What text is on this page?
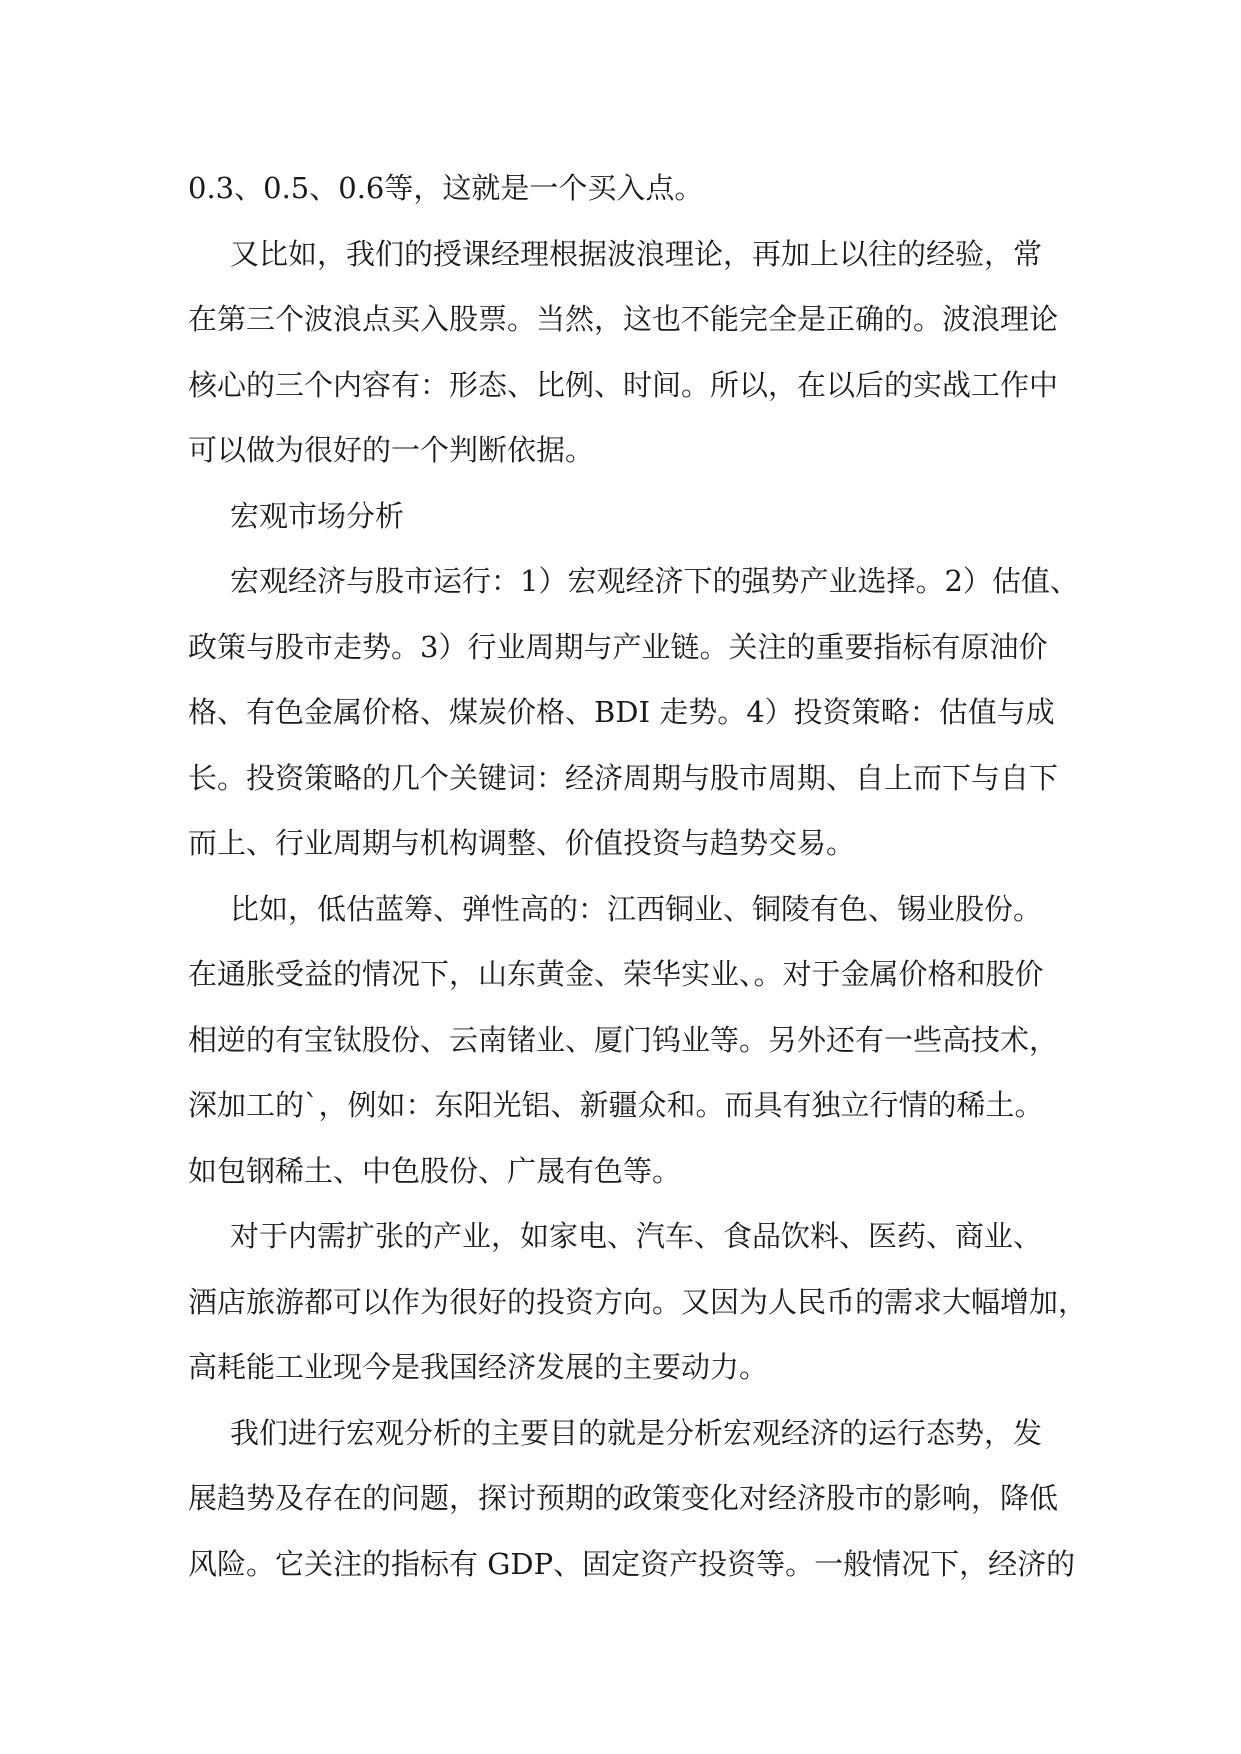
0.3、0.5、0.6等，这就是一个买入点。
又比如，我们的授课经理根据波浪理论，再加上以往的经验，常
在第三个波浪点买入股票。当然，这也不能完全是正确的。波浪理论
核心的三个内容有：形态、比例、时间。所以，在以后的实战工作中
可以做为很好的一个判断依据。
宏观市场分析
宏观经济与股市运行：1）宏观经济下的强势产业选择。2）估值、
政策与股市走势。3）行业周期与产业链。关注的重要指标有原油价
格、有色金属价格、煤炭价格、BDI 走势。4）投资策略：估值与成
长。投资策略的几个关键词：经济周期与股市周期、自上而下与自下
而上、行业周期与机构调整、价值投资与趋势交易。
比如，低估蓝筹、弹性高的：江西铜业、铜陵有色、锡业股份。
在通胀受益的情况下，山东黄金、荣华实业、。对于金属价格和股价
相逆的有宝钛股份、云南锗业、厦门钨业等。另外还有一些高技术，
深加工的`，例如：东阳光铝、新疆众和。而具有独立行情的稀土。
如包钢稀土、中色股份、广晟有色等。
对于内需扩张的产业，如家电、汽车、食品饮料、医药、商业、
酒店旅游都可以作为很好的投资方向。又因为人民币的需求大幅增加，
高耗能工业现今是我国经济发展的主要动力。
我们进行宏观分析的主要目的就是分析宏观经济的运行态势，发
展趋势及存在的问题，探讨预期的政策变化对经济股市的影响，降低
风险。它关注的指标有 GDP、固定资产投资等。一般情况下，经济的
